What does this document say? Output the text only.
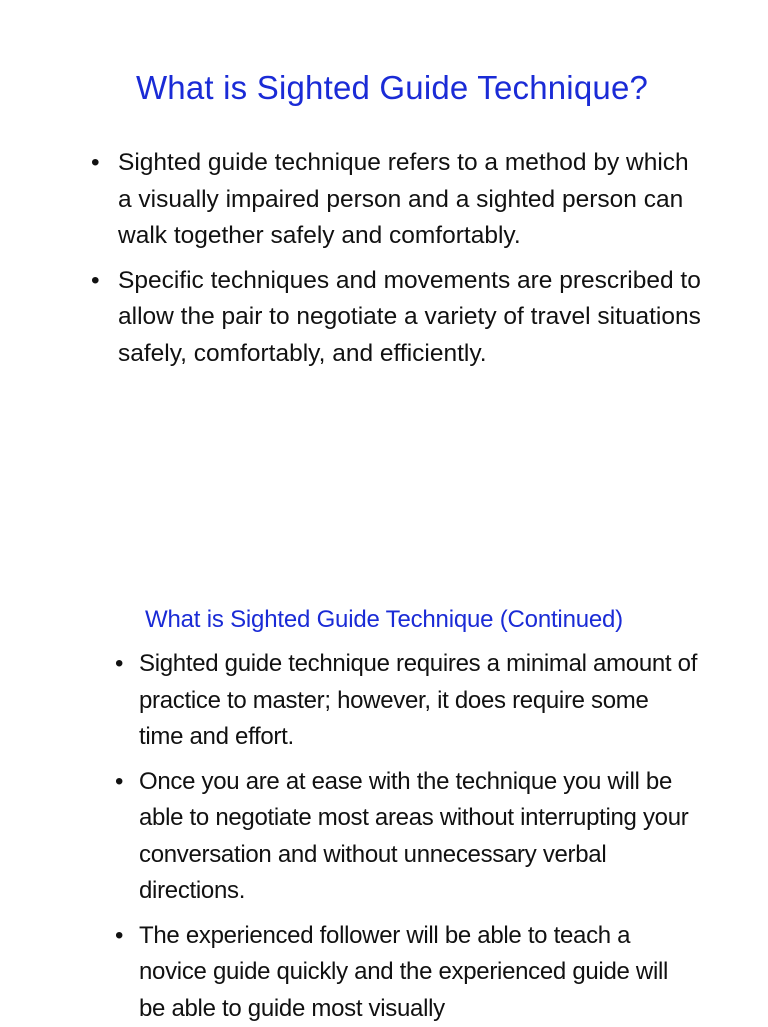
What is Sighted Guide Technique?
• Sighted guide technique refers to a method by which a visually impaired person and a sighted person can walk together safely and comfortably.
• Specific techniques and movements are prescribed to allow the pair to negotiate a variety of travel situations safely, comfortably, and efficiently.
What is Sighted Guide Technique (Continued)
• Sighted guide technique requires a minimal amount of practice to master; however, it does require some time and effort.
• Once you are at ease with the technique you will be able to negotiate most areas without interrupting your conversation and without unnecessary verbal directions.
• The experienced follower will be able to teach a novice guide quickly and the experienced guide will be able to guide most visually
